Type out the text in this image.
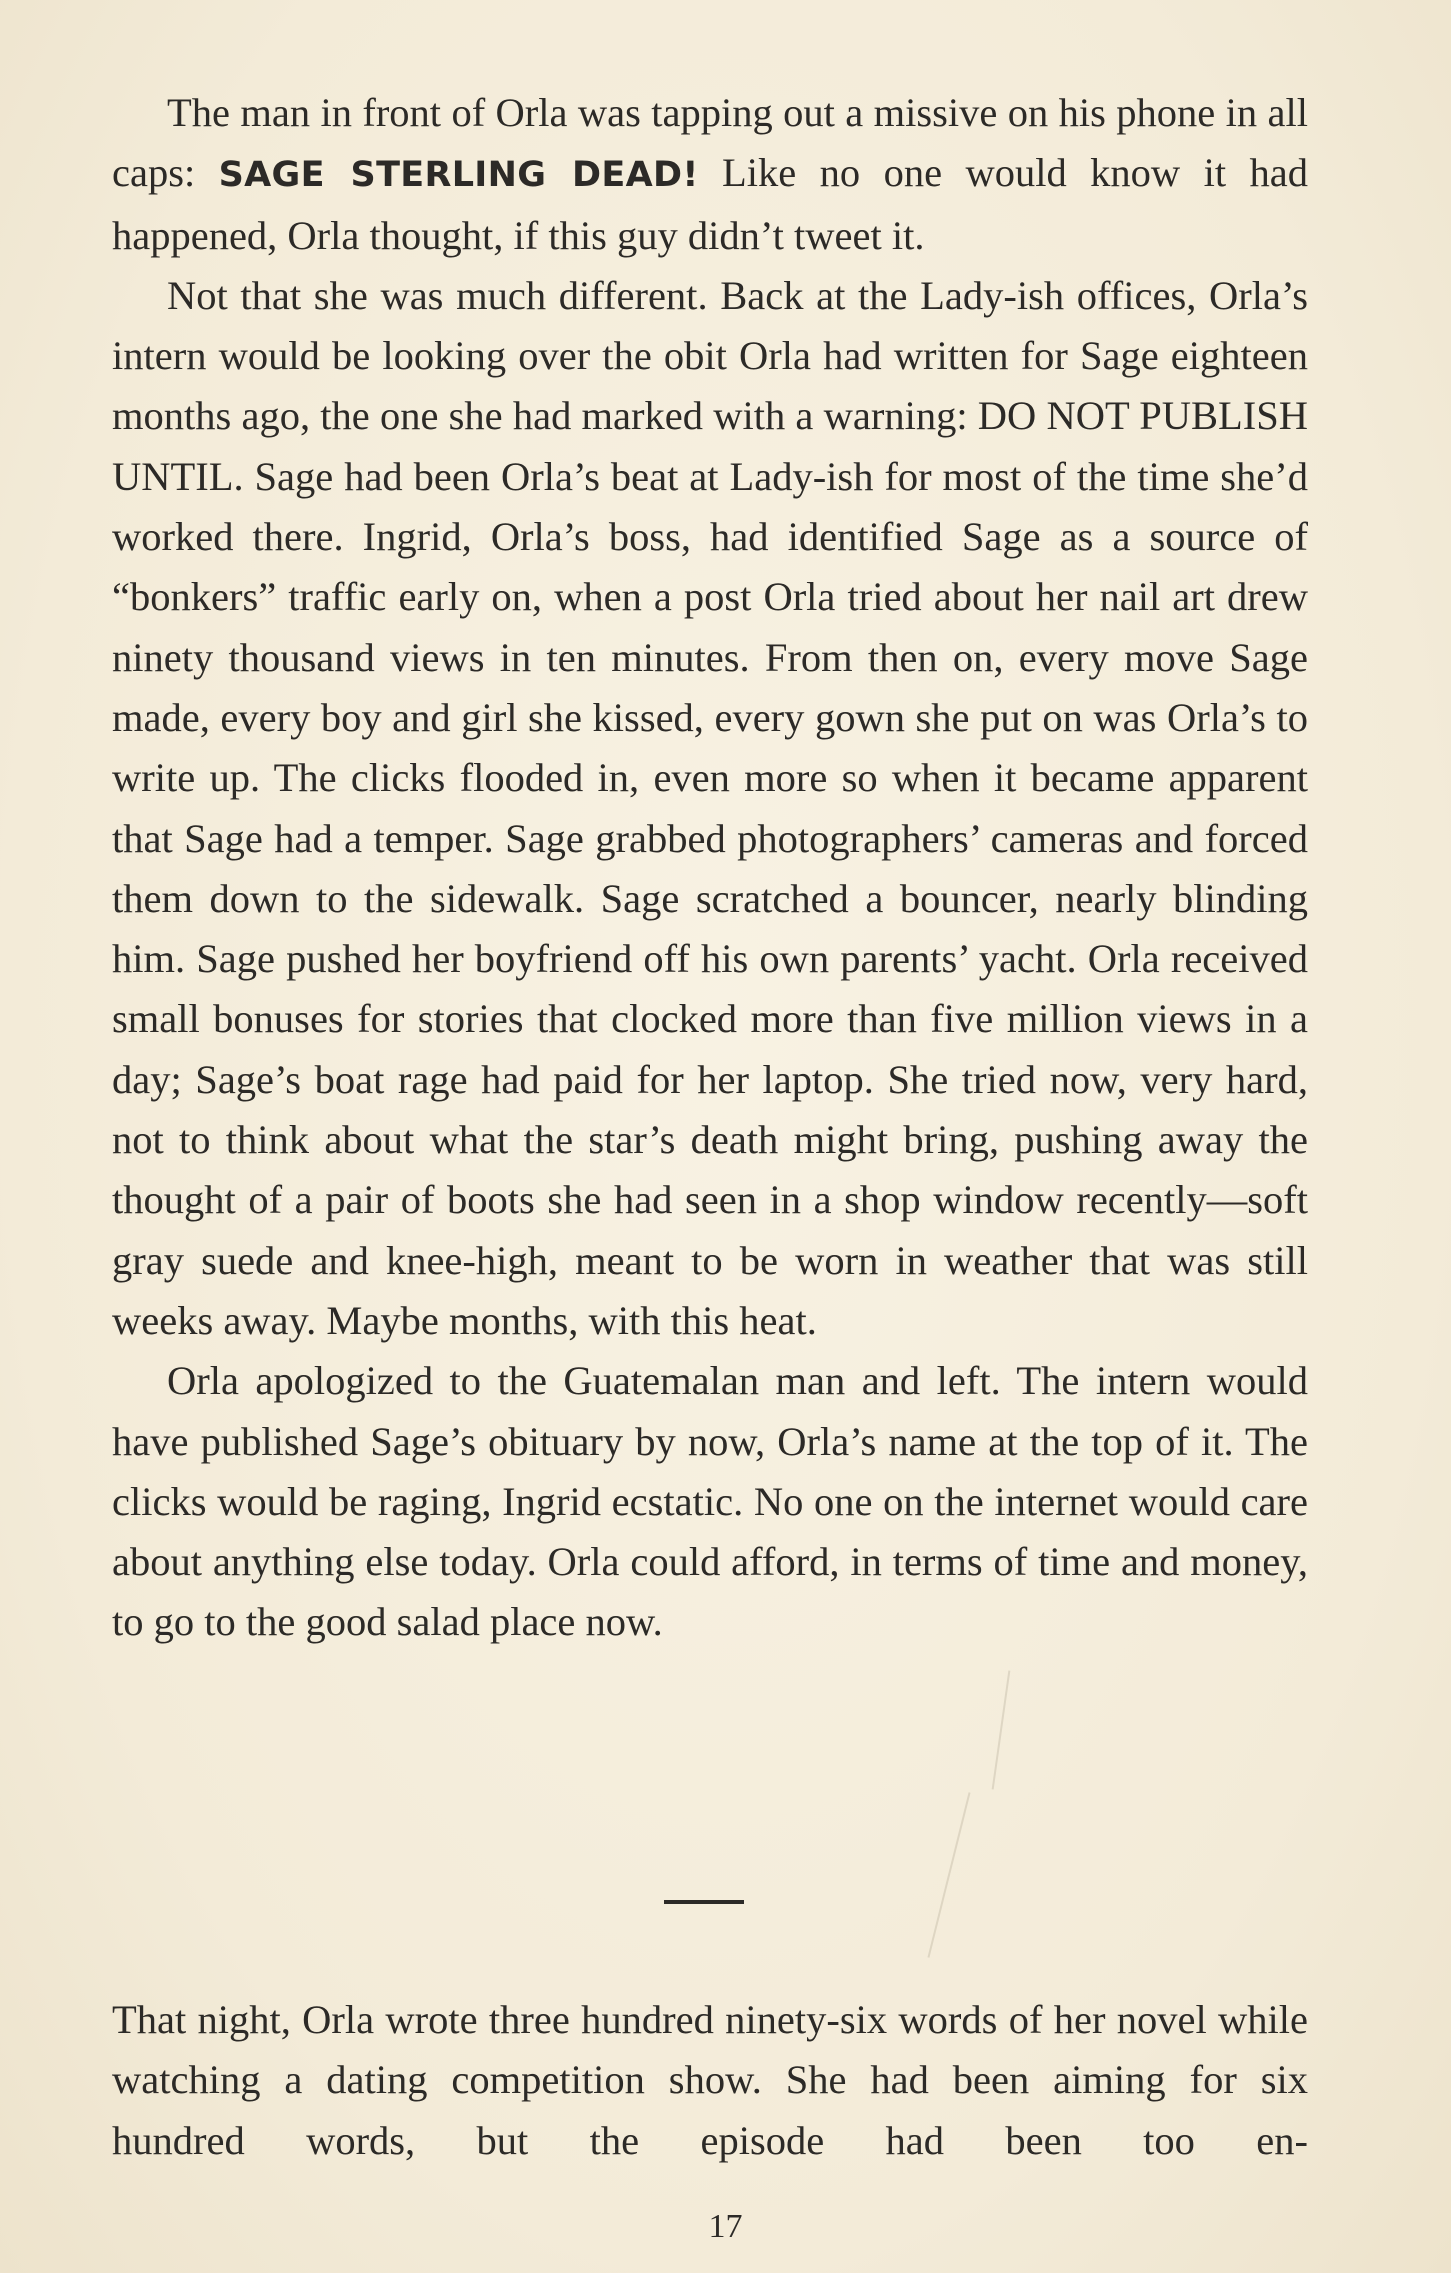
The man in front of Orla was tapping out a missive on his phone in all caps: SAGE STERLING DEAD! Like no one would know it had happened, Orla thought, if this guy didn’t tweet it.

Not that she was much different. Back at the Lady-ish offices, Orla’s intern would be looking over the obit Orla had written for Sage eighteen months ago, the one she had marked with a warning: DO NOT PUBLISH UNTIL. Sage had been Orla’s beat at Lady-ish for most of the time she’d worked there. Ingrid, Orla’s boss, had identified Sage as a source of “bonkers” traffic early on, when a post Orla tried about her nail art drew ninety thousand views in ten minutes. From then on, every move Sage made, every boy and girl she kissed, every gown she put on was Orla’s to write up. The clicks flooded in, even more so when it became apparent that Sage had a temper. Sage grabbed photographers’ cameras and forced them down to the sidewalk. Sage scratched a bouncer, nearly blinding him. Sage pushed her boyfriend off his own parents’ yacht. Orla received small bonuses for stories that clocked more than five million views in a day; Sage’s boat rage had paid for her laptop. She tried now, very hard, not to think about what the star’s death might bring, pushing away the thought of a pair of boots she had seen in a shop window recently—soft gray suede and knee-high, meant to be worn in weather that was still weeks away. Maybe months, with this heat.

Orla apologized to the Guatemalan man and left. The intern would have published Sage’s obituary by now, Orla’s name at the top of it. The clicks would be raging, Ingrid ecstatic. No one on the internet would care about anything else today. Orla could afford, in terms of time and money, to go to the good salad place now.

That night, Orla wrote three hundred ninety-six words of her novel while watching a dating competition show. She had been aiming for six hundred words, but the episode had been too en-

17
